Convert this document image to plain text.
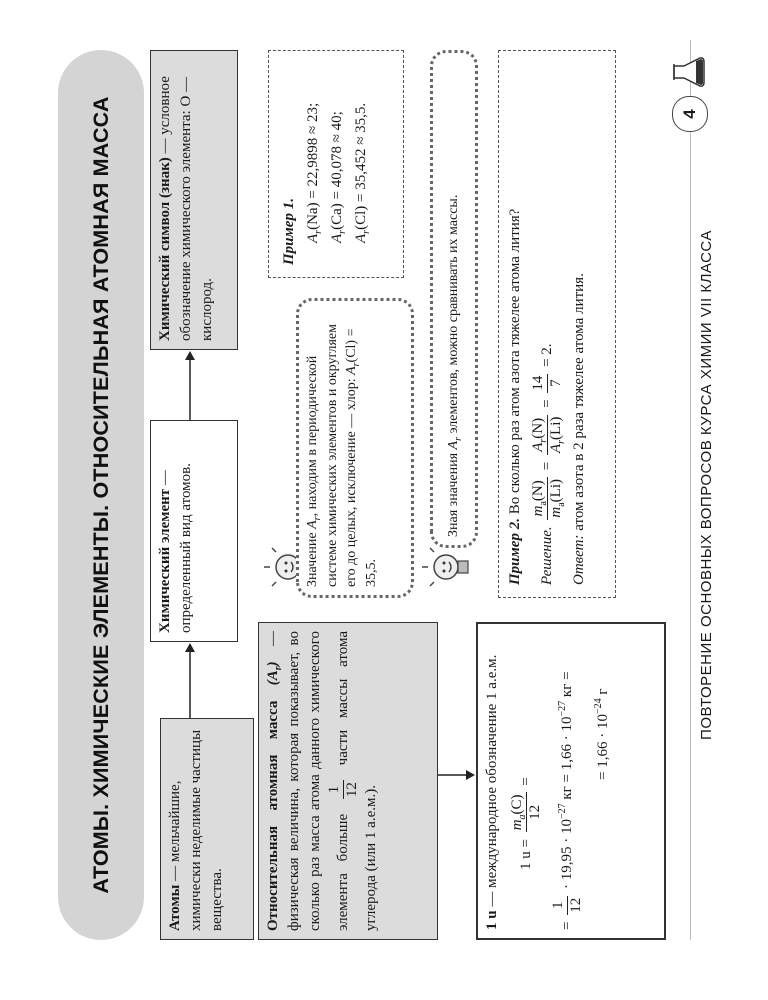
АТОМЫ. ХИМИЧЕСКИЕ ЭЛЕМЕНТЫ. ОТНОСИТЕЛЬНАЯ АТОМНАЯ МАССА
Атомы — мельчайшие, химически неделимые частицы вещества.
Химический элемент — определенный вид атомов.
Химический символ (знак) — условное обозначение химического элемента: O — кислород.
Относительная атомная масса $(A_r)$ — физическая величина, которая показывает, во сколько раз масса атома данного химического элемента больше
1 12
части массы атома углерода (или 1 а.е.м.).	1 u — международное обозначение 1 а.е.м.	1 u =
$m_a(C)$ 12
=
=
1 12
· $19,95 \cdot 10^{-27}$ кг = $1,66 \cdot 10^{-27}$ кг =
= $1,66 \cdot 10^{-24}$ г
Значение $A_r$, находим в периодической системе химических элементов и округляем его до целых, исключение — хлор: $A_r(Cl) = 35,5$.
Пример 1. $A_r(Na) = 22,9898 \approx 23$;
$A_r(Ca) = 40,078 \approx 40$;
$A_r(Cl) = 35,452 \approx 35,5$.
Зная значения $A_r$ элементов, можно сравнивать их массы.
Пример 2. Во сколько раз атом азота тяжелее атома лития?
Решение.
$m_a(N)$
$m_a(Li)$
=
$A_r(N)$
$A_r(Li)$
=
14 7
= 2.
Ответ: атом азота в 2 раза тяжелее атома лития.	ПОВТОРЕНИЕ ОСНОВНЫХ ВОПРОСОВ КУРСА ХИМИИ VII КЛАССА
4
